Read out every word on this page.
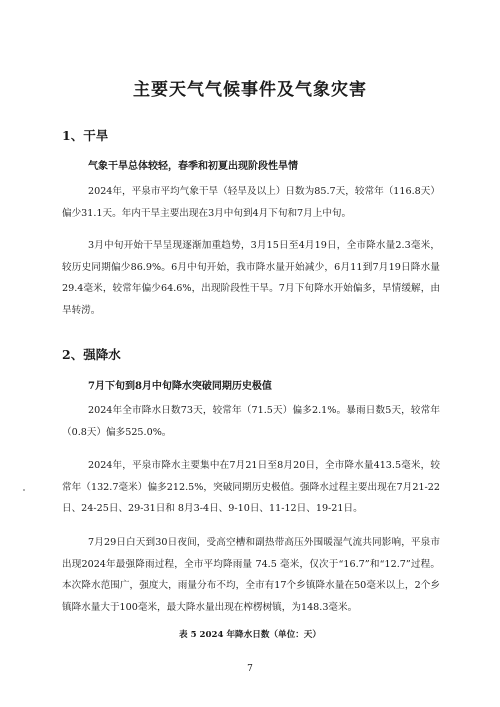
主要天气气候事件及气象灾害
1、干旱
气象干旱总体较轻，春季和初夏出现阶段性旱情

2024年，平泉市平均气象干旱（轻旱及以上）日数为85.7天，较常年（116.8天）偏少31.1天。年内干旱主要出现在3月中旬到4月下旬和7月上中旬。

3月中旬开始干旱呈现逐渐加重趋势，3月15日至4月19日，全市降水量2.3毫米，较历史同期偏少86.9%。6月中旬开始，我市降水量开始减少，6月11到7月19日降水量29.4毫米，较常年偏少64.6%，出现阶段性干旱。7月下旬降水开始偏多，旱情缓解，由旱转涝。

2、强降水
7月下旬到8月中旬降水突破同期历史极值

2024年全市降水日数73天，较常年（71.5天）偏多2.1%。暴雨日数5天，较常年（0.8天）偏多525.0%。

2024年，平泉市降水主要集中在7月21日至8月20日，全市降水量413.5毫米，较常年（132.7毫米）偏多212.5%，突破同期历史极值。强降水过程主要出现在7月21-22日、24-25日、29-31日和 8月3-4日、9-10日、11-12日、19-21日。

7月29日白天到30日夜间，受高空槽和副热带高压外围暖湿气流共同影响，平泉市出现2024年最强降雨过程，全市平均降雨量 74.5 毫米，仅次于“16.7”和“12.7”过程。本次降水范围广，强度大，雨量分布不均，全市有17个乡镇降水量在50毫米以上，2个乡镇降水量大于100毫米，最大降水量出现在榨楞树镇，为148.3毫米。

表 5 2024 年降水日数（单位：天）
7
